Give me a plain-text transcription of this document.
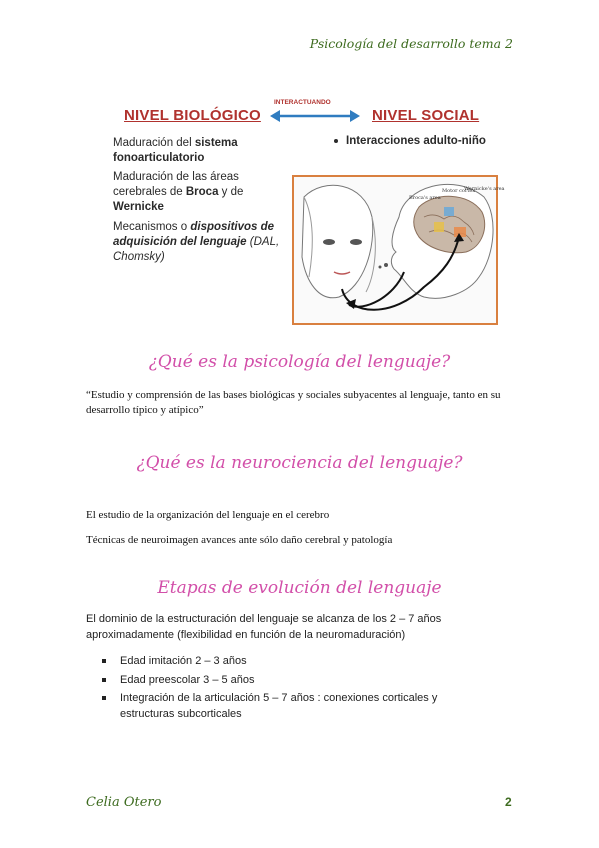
Psicología del desarrollo tema 2
INTERACTUANDO
NIVEL BIOLÓGICO	NIVEL SOCIAL
Maduración del sistema fonoarticulatorio
Maduración de las áreas cerebrales de Broca y de Wernicke
Mecanismos o dispositivos de adquisición del lenguaje (DAL, Chomsky)
Interacciones adulto-niño
Broca's area
Motor cortex
Wernicke's area
¿Qué es la psicología del lenguaje?
“Estudio y comprensión de las bases biológicas y sociales subyacentes al lenguaje, tanto en su desarrollo típico y atípico”
¿Qué es la neurociencia del lenguaje?
El estudio de la organización del lenguaje en el cerebro
Técnicas de neuroimagen avances ante sólo daño cerebral y patología
Etapas de evolución del lenguaje
El dominio de la estructuración del lenguaje se alcanza de los 2 – 7 años aproximadamente (flexibilidad en función de la neuromaduración)
Edad imitación 2 – 3 años
Edad preescolar 3 – 5 años
Integración de la articulación 5 – 7 años : conexiones corticales y estructuras subcorticales
Celia Otero	2
